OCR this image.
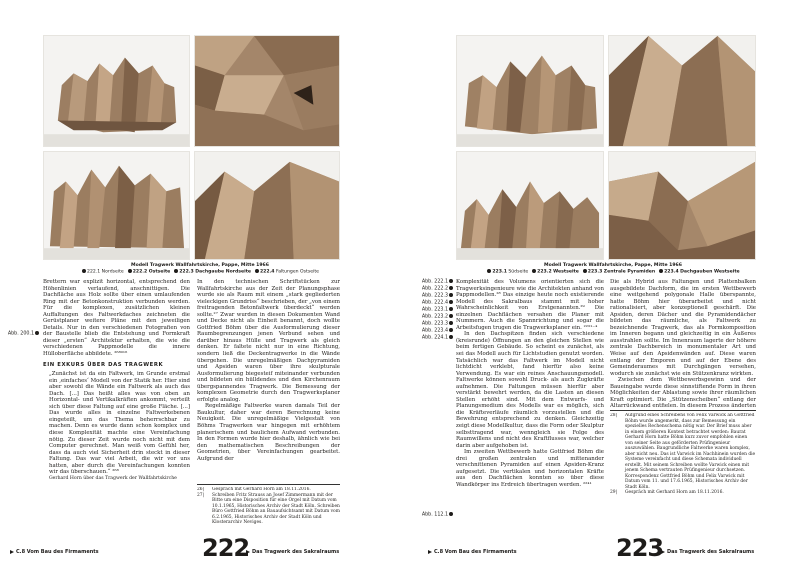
Modell Tragwerk Wallfahrtskirche, Pappe, Mitte 1966
222.1 Nordseite 222.2 Ostseite 222.3 Dachgaube Nordseite 222.4 Faltungen Ostseite
Abb. 200.1

Brettern war explizit horizontal, entsprechend den Höhenlinien verlaufend, anschnittigen. Die Dachfläche aus Holz sollte über einen umlaufenden Ring mit der Betonkonstruktion verbunden werden. Für die komplexen, zusätzlichen kleinen Auffaltungen des Faltwerkdaches zeichneten die Gerüstplaner weitere Pläne mit den jeweiligen Details. Nur in den verschiedenen Fotografien von der Baustelle blieb die Entstehung und Formkraft dieser „ersten“ Architektur erhalten, die wie die verschiedenen Pappmodelle die innere Hülloberfläche abbildete. ²⁶⁸⁰¹⁶

EIN EXKURS ÜBER DAS TRAGWERK

„Zunächst ist da ein Faltwerk, im Grunde erstmal ein ‚einfaches‘ Modell von der Statik her. Hier sind aber sowohl die Wände ein Faltwerk als auch das Dach. [...] Das heißt alles was von oben an Horizontal- und Vertikalkräften ankommt, verteilt sich über diese Faltung auf eine große Fläche. [...] Das wurde alles in einzelne Faltwerkebenen eingeteilt, um das Thema beherrschbar zu machen. Denn es wurde dann schon komplex und diese Komplexität machte eine Vereinfachung nötig. Zu dieser Zeit wurde noch nicht mit dem Computer gerechnet. Man weiß vom Gefühl her, dass da auch viel Sicherheit drin steckt in dieser Faltung. Das war viel Arbeit, die wir vor uns hatten, aber durch die Vereinfachungen konnten wir das überschauen.“ ²⁶⁸

Gerhard Horn über das Tragwerk der Wallfahrtskirche

In den technischen Schriftstücken zur Wallfahrtskirche aus der Zeit der Planungsphase wurde sie als Raum mit einem „stark gegliederten vieleckigen Grundriss“ beschrieben, der „von einem freitragenden Betonfaltwerk überdeckt“ werden sollte.²⁷ Zwar wurden in diesen Dokumenten Wand und Decke nicht als Einheit benannt, doch wollte Gottfried Böhm über die Ausformulierung dieser Raumbegrenzungen jenen Verbund sehen und darüber hinaus Hülle und Tragwerk als gleich denken. Er faltete nicht nur in eine Richtung, sondern ließ die Deckentragwerke in die Wände übergehen. Die unregelmäßigen Dachpyramiden und Apsiden waren über ihre skulpturale Ausformulierung biegesteif miteinander verbunden und bildeten ein hülldendes und den Kirchenraum übergspannendes Tragwerk. Die Bemessung der komplexen Geometrie durch den Tragwerksplaner erfolgte analog.

Regelmäßige Faltwerke waren damals Teil der Baukultur, daher war deren Berechnung keine Neuigkeit. Die unregelmäßige Vielgestalt von Böhms Tragwerken war hingegen mit erhöhtem planerischem und baulichem Aufwand verbunden. In den Formen wurde hier deshalb, ähnlich wie bei den mathematischen Beschreibungen der Geometrien, über Vereinfachungen gearbeitet. Aufgrund der

26|	Gespräch mit Gerhard Horn am 18.11.2016.
27|	Schreiben Fritz Strauss an Josef Zimmermann mit der Bitte um eine Disposition für eine Orgel mit Datum vom 10.1.1965, Historisches Archiv der Stadt Köln. Schreiben Büro Gottfried Böhm an Bauaufsichtsamt mit Datum vom 6.2.1965, Historisches Archiv der Stadt Köln und Klosterarchiv Neviges.
C.8 Vom Bau des Firmaments	222 Das Tragwerk des Sakralraums
Modell Tragwerk Wallfahrtskirche, Pappe, Mitte 1966
223.1 Südseite 223.2 Westseite 223.3 Zentrale Pyramiden 223.4 Dachgauben Westseite
Abb. 222.1
Abb. 222.2
Abb. 222.3
Abb. 222.4
Abb. 223.1
Abb. 223.2
Abb. 223.3
Abb. 223.4
Abb. 224.1
Abb. 112.1

Komplexität des Volumens orientierten sich die Tragwerksingenieure wie die Architekten anhand von Pappmodellen.²⁸ Das einzige heute noch existierende Modell des Sakralbaus stammt mit hoher Wahrscheinlichkeit von Erstgenannten.²⁹ Die einzelnen Dachflächen versahen die Planer mit Nummern. Auch die Spannrichtung und sogar die Arbeitsfugen trugen die Tragwerksplaner ein. ²²³¹⁻⁴

In den Dachspitzen finden sich verschiedene (kreisrunde) Öffnungen an den gleichen Stellen wie beim fertigen Gebäude. So scheint es zunächst, als sei das Modell auch für Lichtstudien genutzt worden. Tatsächlich war das Faltwerk im Modell nicht lichtdicht verklebt, fand hierfür also keine Verwendung. Es war ein reines Anschauungsmodell. Faltwerke können sowohl Druck- als auch Zugkräfte aufnehmen. Die Faltungen müssen hierfür aber verstärkt bewehrt werden, da die Lasten an diesen Stellen erhöht sind. Mit dem Entwurfs- und Planungsmedium des Modells war es möglich, sich die Kräfteverläufe räumlich vorzustellen und die Bewehrung entsprechend zu denken. Gleichzeitig zeigt diese Modellkultur, dass die Form oder Skulptur selbsttragend war, wenngleich sie Folge des Raumwillens und nicht des Kraftflusses war, welcher darin aber aufgehoben ist.

Im zweiten Wettbewerb hatte Gottfried Böhm die drei großen zentralen und mittenander verschnittenen Pyramiden auf einen Apsiden-Kranz aufgesetzt. Die vertikalen und horizontalen Kräfte aus den Dachflächen konnten so über diese Wandkörper ins Erdreich übertragen werden. ²²⁴¹

Die als Hybrid aus Faltungen und Plattenbalken ausgebildete Dachform, die im ersten Wettbewerb eine weitgehend polygonale Halle überspannte, hatte Böhm hier überarbeitet und nicht rationalisiert, aber konzeptionell geschärft. Die Apsiden, deren Dächer und die Pyramidendächer bildeten das räumliche, als Faltwerk zu bezeichnende Tragwerk, das als Formkomposition im Inneren begann und gleichzeitig in ein Äußeres ausstrahlen sollte. Im Innenraum lagerte der höhere zentrale Dachbereich in monumentaler Art und Weise auf den Apsidenwänden auf. Diese waren entlang der Emporen und auf der Ebene des Gemeinderaumes mit Durchgängen versehen, wodurch sie zunächst wie ein Stützenkranz wirkten.

Zwischen dem Wettbewerbsgewinn und der Baueingabe wurde diese sinnstiftende Form in ihren Möglichkeiten der Ablastung sowie ihrer räumlichen Kraft optimiert. Die „Stützenscheiben“ entlang der Altarrückwand entfielen. In diesem Prozess änderten

28|	Aufgrund eines Schreibens von Felix Varwick an Gottfried Böhm wurde angemerkt, dass zur Bemessung ein spezielles Rechenschema nötig war. Der Brief muss aber in einem größeren Kontext betrachtet werden: Baurat Gerhard Horn hatte Böhm kurz zuvor empfohlen einen von seiner Seite aus geförderten Prüfingenieur auszuwählen. Baugrundliche Faltwerke waren komplex, aber nicht neu. Das ist Varwick im Nachhinein wurden die Systeme vereinfacht und diese Schemata individuell erstellt. Mit seinem Schreiben wollte Varwick einen mit jenem Schema vertrauten Prüfingenieur durchsetzen. Korrespondenz Gottfried Böhm und Felix Varwick mit Datum vom 11. und 17.6.1965, Historisches Archiv der Stadt Köln.
29|	Gespräch mit Gerhard Horn am 18.11.2016.
C.8 Vom Bau des Firmaments	223 Das Tragwerk des Sakralraums
